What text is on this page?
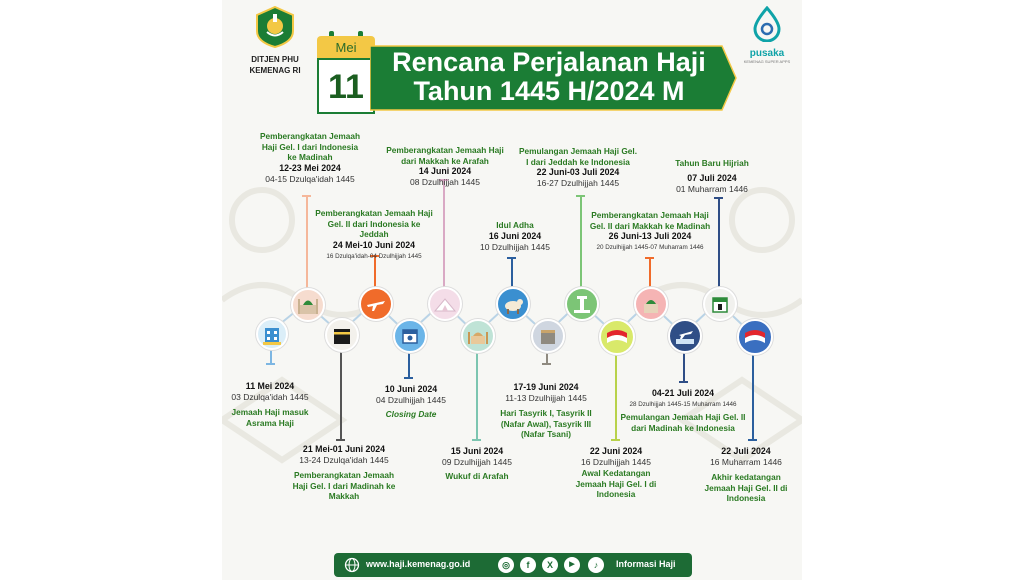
DITJEN PHU
KEMENAG RI
Mei
11
Rencana Perjalanan Haji
Tahun 1445 H/2024 M
pusaka
KEMENAG SUPER APPS
11 Mei 2024
03 Dzulqa'idah 1445
Jemaah Haji masuk Asrama Haji
Pemberangkatan Jemaah Haji Gel. I dari Indonesia ke Madinah
12-23 Mei 2024
04-15 Dzulqa'idah 1445
21 Mei-01 Juni 2024
13-24 Dzulqa'idah 1445
Pemberangkatan Jemaah Haji Gel. I dari Madinah ke Makkah
Pemberangkatan Jemaah Haji Gel. II dari Indonesia ke Jeddah
24 Mei-10 Juni 2024
16 Dzulqa'idah-04 Dzulhijjah 1445
10 Juni 2024
04 Dzulhijjah 1445
Closing Date
Pemberangkatan Jemaah Haji dari Makkah ke Arafah
14 Juni 2024
08 Dzulhijjah 1445
15 Juni 2024
09 Dzulhijjah 1445
Wukuf di Arafah
Idul Adha
16 Juni 2024
10 Dzulhijjah 1445
17-19 Juni 2024
11-13 Dzulhijjah 1445
Hari Tasyrik I, Tasyrik II (Nafar Awal), Tasyrik III (Nafar Tsani)
Pemulangan Jemaah Haji Gel. I dari Jeddah ke Indonesia
22 Juni-03 Juli 2024
16-27 Dzulhijjah 1445
22 Juni 2024
16 Dzulhijjah 1445
Awal Kedatangan Jemaah Haji Gel. I di Indonesia
Pemberangkatan Jemaah Haji Gel. II dari Makkah ke Madinah
26 Juni-13 Juli 2024
20 Dzulhijjah 1445-07 Muharram 1446
04-21 Juli 2024
28 Dzulhijjah 1445-15 Muharram 1446
Pemulangan Jemaah Haji Gel. II dari Madinah ke Indonesia
Tahun Baru Hijriah
07 Juli 2024
01 Muharram 1446
22 Juli 2024
16 Muharram 1446
Akhir kedatangan Jemaah Haji Gel. II di Indonesia
www.haji.kemenag.go.id	◎	f	X	▶	♪	Informasi Haji
